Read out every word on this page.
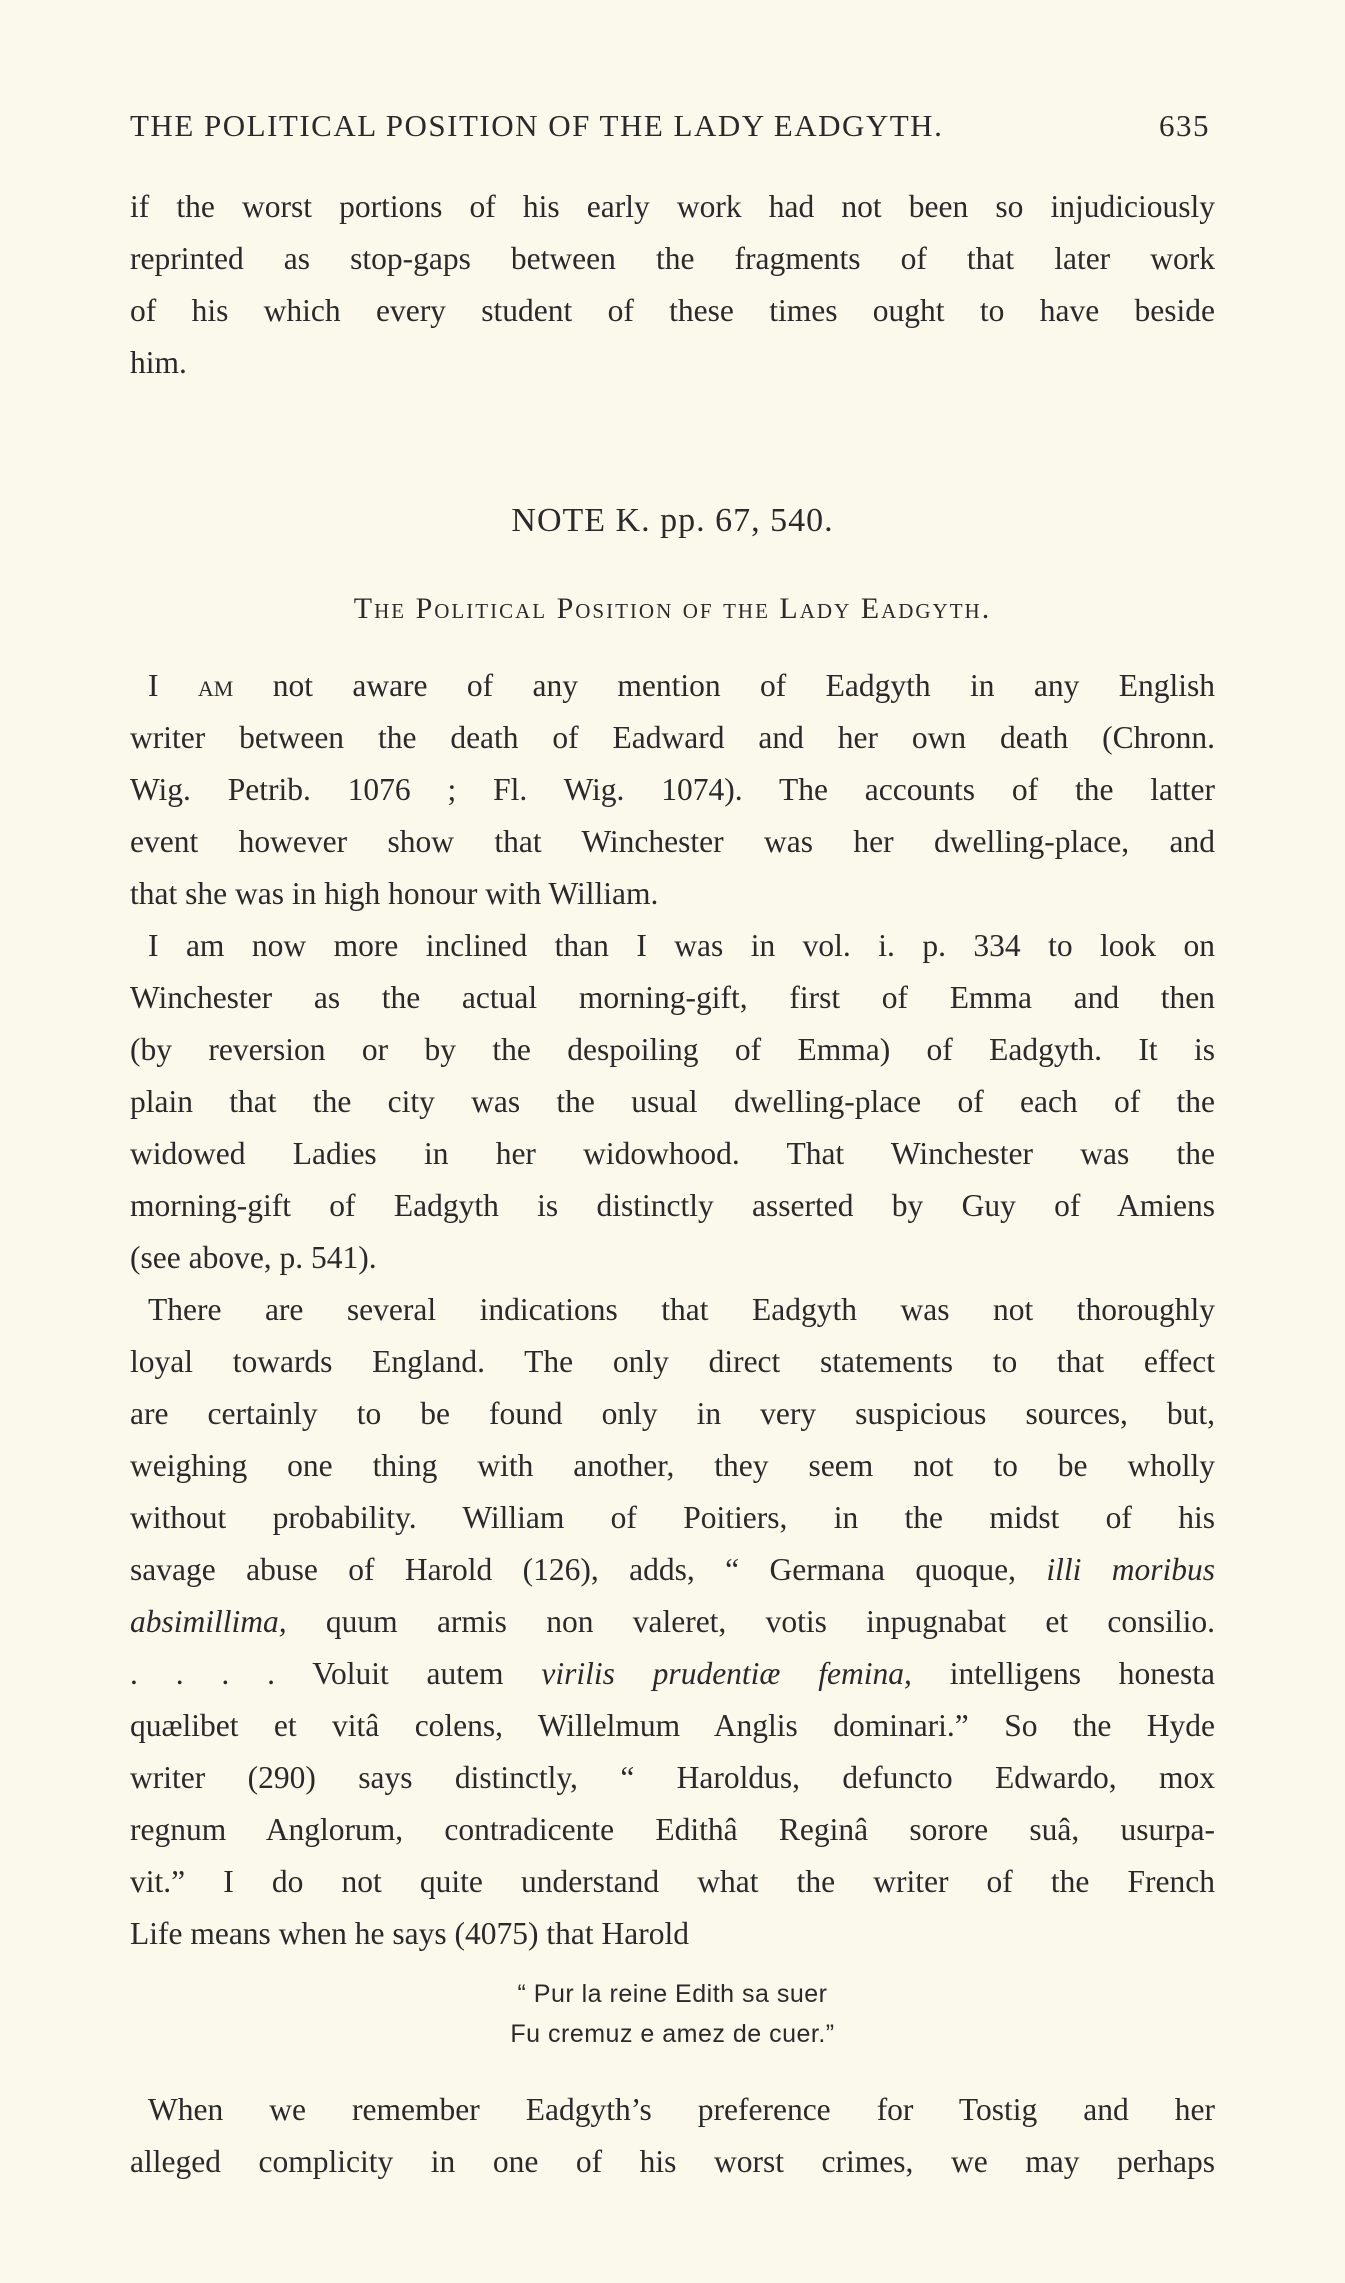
THE POLITICAL POSITION OF THE LADY EADGYTH.	635
if the worst portions of his early work had not been so injudiciously
reprinted as stop-gaps between the fragments of that later work
of his which every student of these times ought to have beside
him.
NOTE K. pp. 67, 540.
The Political Position of the Lady Eadgyth.
I am not aware of any mention of Eadgyth in any English
writer between the death of Eadward and her own death (Chronn.
Wig. Petrib. 1076 ; Fl. Wig. 1074). The accounts of the latter
event however show that Winchester was her dwelling-place, and
that she was in high honour with William.
I am now more inclined than I was in vol. i. p. 334 to look on
Winchester as the actual morning-gift, first of Emma and then
(by reversion or by the despoiling of Emma) of Eadgyth. It is
plain that the city was the usual dwelling-place of each of the
widowed Ladies in her widowhood. That Winchester was the
morning-gift of Eadgyth is distinctly asserted by Guy of Amiens
(see above, p. 541).
There are several indications that Eadgyth was not thoroughly
loyal towards England. The only direct statements to that effect
are certainly to be found only in very suspicious sources, but,
weighing one thing with another, they seem not to be wholly
without probability. William of Poitiers, in the midst of his
savage abuse of Harold (126), adds, “ Germana quoque, illi moribus
absimillima, quum armis non valeret, votis inpugnabat et consilio.
. . . . Voluit autem virilis prudentiæ femina, intelligens honesta
quælibet et vitâ colens, Willelmum Anglis dominari.” So the Hyde
writer (290) says distinctly, “ Haroldus, defuncto Edwardo, mox
regnum Anglorum, contradicente Edithâ Reginâ sorore suâ, usurpa-
vit.” I do not quite understand what the writer of the French
Life means when he says (4075) that Harold
“ Pur la reine Edith sa suer
Fu cremuz e amez de cuer.”
When we remember Eadgyth’s preference for Tostig and her
alleged complicity in one of his worst crimes, we may perhaps
